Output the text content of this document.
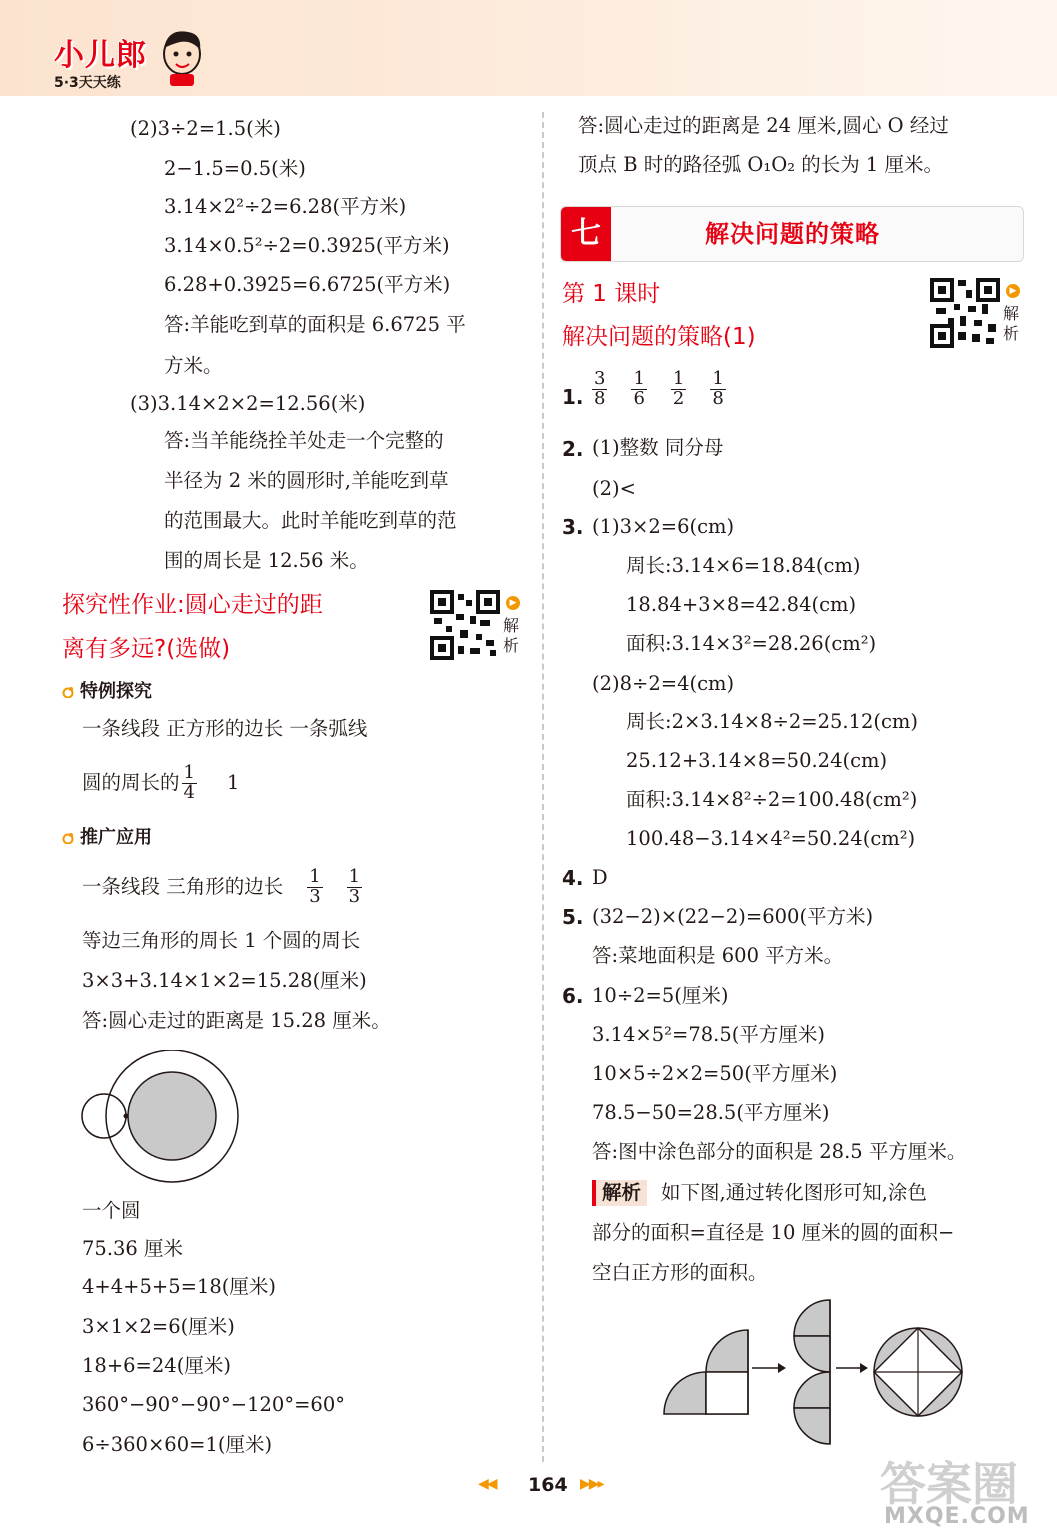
小儿郎
5·3天天练
(2)3÷2=1.5(米)
2−1.5=0.5(米)
3.14×2²÷2=6.28(平方米)
3.14×0.5²÷2=0.3925(平方米)
6.28+0.3925=6.6725(平方米)
答:羊能吃到草的面积是 6.6725 平
方米。
(3)3.14×2×2=12.56(米)
答:当羊能绕拴羊处走一个完整的
半径为 2 米的圆形时,羊能吃到草
的范围最大。此时羊能吃到草的范
围的周长是 12.56 米。
探究性作业:圆心走过的距
离有多远?(选做)
▶
解析
特例探究
一条线段 正方形的边长 一条弧线
圆的周长的 $\frac{1}{4} 1$
推广应用
一条线段 三角形的边长 $\frac{1}{3} \frac{1}{3}$
等边三角形的周长 1 个圆的周长
3×3+3.14×1×2=15.28(厘米)
答:圆心走过的距离是 15.28 厘米。
一个圆
75.36 厘米
4+4+5+5=18(厘米)
3×1×2=6(厘米)
18+6=24(厘米)
360°−90°−90°−120°=60°
6÷360×60=1(厘米)
答:圆心走过的距离是 24 厘米,圆心 O 经过
顶点 B 时的路径弧 O₁O₂ 的长为 1 厘米。
七	解决问题的策略
第 1 课时
解决问题的策略(1)
▶
解析
1. $\frac{3}{8} \frac{1}{6} \frac{1}{2} \frac{1}{8}$
2. (1)整数 同分母
(2)<
3. (1)3×2=6(cm)
周长:3.14×6=18.84(cm)
18.84+3×8=42.84(cm)
面积:3.14×3²=28.26(cm²)
(2)8÷2=4(cm)
周长:2×3.14×8÷2=25.12(cm)
25.12+3.14×8=50.24(cm)
面积:3.14×8²÷2=100.48(cm²)
100.48−3.14×4²=50.24(cm²)
4. D
5. (32−2)×(22−2)=600(平方米)
答:菜地面积是 600 平方米。
6. 10÷2=5(厘米)
3.14×5²=78.5(平方厘米)
10×5÷2×2=50(平方厘米)
78.5−50=28.5(平方厘米)
答:图中涂色部分的面积是 28.5 平方厘米。
解析 如下图,通过转化图形可知,涂色
部分的面积=直径是 10 厘米的圆的面积−
空白正方形的面积。
◀◀ 164 ▶▶▸	答案圈
MXQE.COM
